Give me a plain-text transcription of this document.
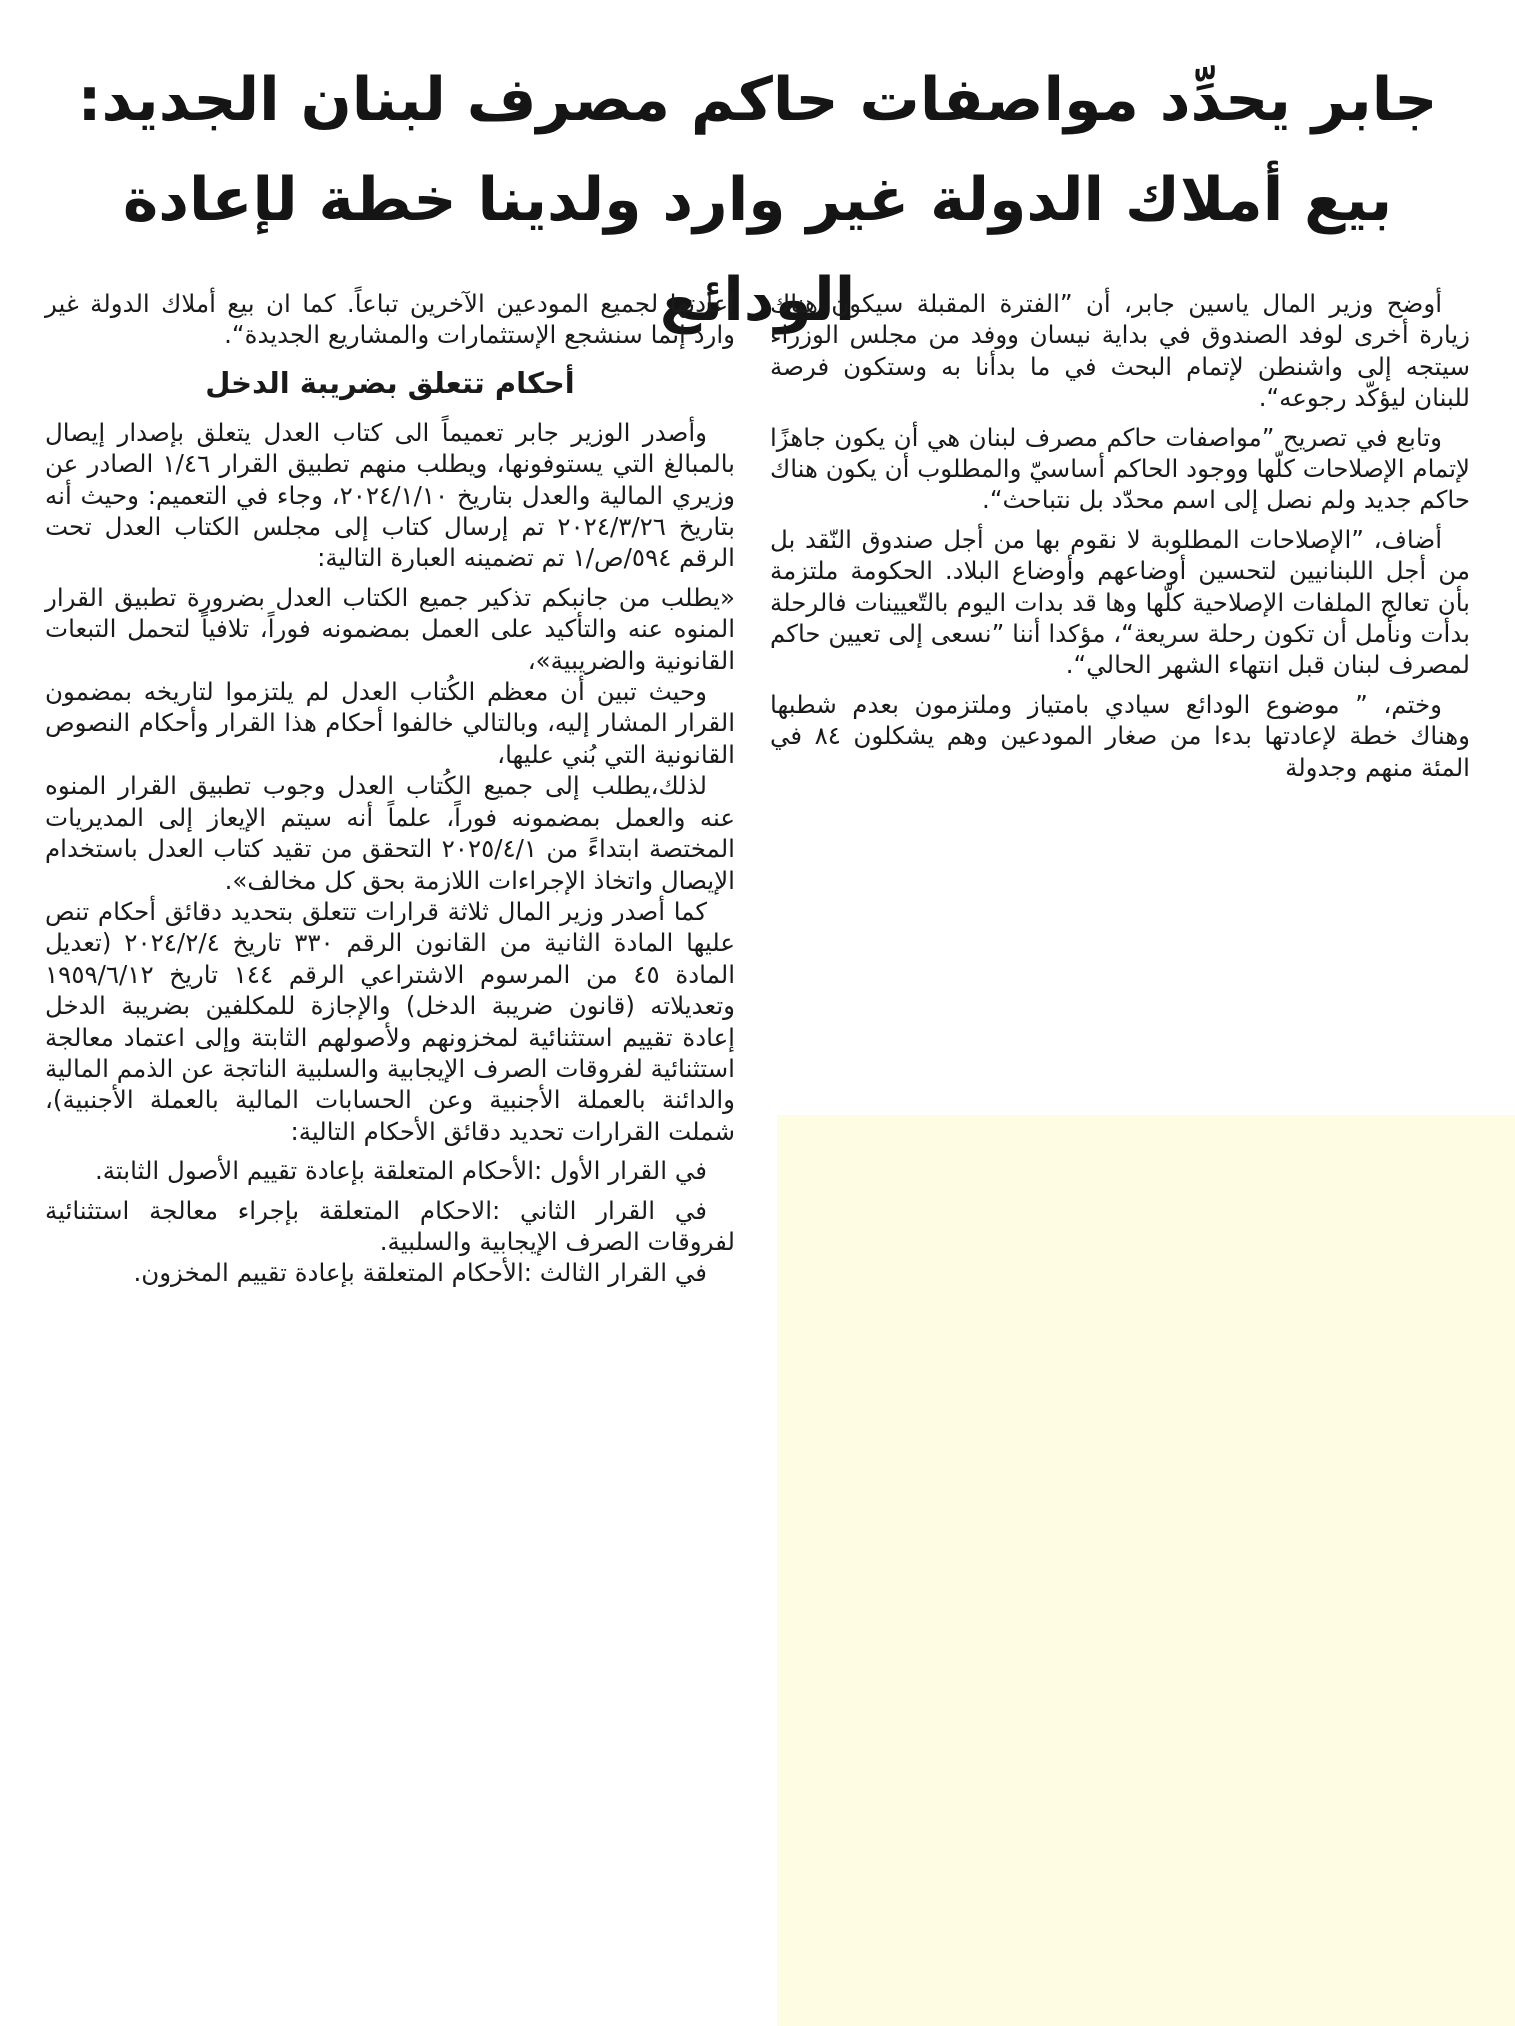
جابر يحدِّد مواصفات حاكم مصرف لبنان الجديد:
بيع أملاك الدولة غير وارد ولدينا خطة لإعادة الودائع

أوضح وزير المال ياسين جابر، أن ”الفترة المقبلة سيكون هناك زيارة أخرى لوفد الصندوق في بداية نيسان ووفد من مجلس الوزراء سيتجه إلى واشنطن لإتمام البحث في ما بدأنا به وستكون فرصة للبنان ليؤكّد رجوعه“.

وتابع في تصريح ”مواصفات حاكم مصرف لبنان هي أن يكون جاهزًا لإتمام الإصلاحات كلّها ووجود الحاكم أساسيّ والمطلوب أن يكون هناك حاكم جديد ولم نصل إلى اسم محدّد بل نتباحث“.

أضاف، ”الإصلاحات المطلوبة لا نقوم بها من أجل صندوق النّقد بل من أجل اللبنانيين لتحسين أوضاعهم وأوضاع البلاد. الحكومة ملتزمة بأن تعالج الملفات الإصلاحية كلّها وها قد بدات اليوم بالتّعيينات فالرحلة بدأت ونأمل أن تكون رحلة سريعة“، مؤكدا أننا ”نسعى إلى تعيين حاكم لمصرف لبنان قبل انتهاء الشهر الحالي“.

وختم، ” موضوع الودائع سيادي بامتياز وملتزمون بعدم شطبها وهناك خطة لإعادتها بدءا من صغار المودعين وهم يشكلون ٨٤ في المئة منهم وجدولة

إعادتها لجميع المودعين الآخرين تباعاً. كما ان بيع أملاك الدولة غير وارد إنما سنشجع الإستثمارات والمشاريع الجديدة“.

أحكام تتعلق بضريبة الدخل

وأصدر الوزير جابر تعميماً الى كتاب العدل يتعلق بإصدار إيصال بالمبالغ التي يستوفونها، ويطلب منهم تطبيق القرار ١/٤٦ الصادر عن وزيري المالية والعدل بتاريخ ٢٠٢٤/١/١٠، وجاء في التعميم: وحيث أنه بتاريخ ٢٠٢٤/٣/٢٦ تم إرسال كتاب إلى مجلس الكتاب العدل تحت الرقم ٥٩٤/ص/١ تم تضمينه العبارة التالية:

«يطلب من جانبكم تذكير جميع الكتاب العدل بضرورة تطبيق القرار المنوه عنه والتأكيد على العمل بمضمونه فوراً، تلافياً لتحمل التبعات القانونية والضريبية»،

وحيث تبين أن معظم الكُتاب العدل لم يلتزموا لتاريخه بمضمون القرار المشار إليه، وبالتالي خالفوا أحكام هذا القرار وأحكام النصوص القانونية التي بُني عليها،

لذلك،يطلب إلى جميع الكُتاب العدل وجوب تطبيق القرار المنوه عنه والعمل بمضمونه فوراً، علماً أنه سيتم الإيعاز إلى المديريات المختصة ابتداءً من ٢٠٢٥/٤/١ التحقق من تقيد كتاب العدل باستخدام الإيصال واتخاذ الإجراءات اللازمة بحق كل مخالف».

كما أصدر وزير المال ثلاثة قرارات تتعلق بتحديد دقائق أحكام تنص عليها المادة الثانية من القانون الرقم ٣٣٠ تاريخ ٢٠٢٤/٢/٤ (تعديل المادة ٤٥ من المرسوم الاشتراعي الرقم ١٤٤ تاريخ ١٩٥٩/٦/١٢ وتعديلاته (قانون ضريبة الدخل) والإجازة للمكلفين بضريبة الدخل إعادة تقييم استثنائية لمخزونهم ولأصولهم الثابتة وإلى اعتماد معالجة استثنائية لفروقات الصرف الإيجابية والسلبية الناتجة عن الذمم المالية والدائنة بالعملة الأجنبية وعن الحسابات المالية بالعملة الأجنبية)، شملت القرارات تحديد دقائق الأحكام التالية:

في القرار الأول :الأحكام المتعلقة بإعادة تقييم الأصول الثابتة.

في القرار الثاني :الاحكام المتعلقة بإجراء معالجة استثنائية لفروقات الصرف الإيجابية والسلبية.

في القرار الثالث :الأحكام المتعلقة بإعادة تقييم المخزون.
